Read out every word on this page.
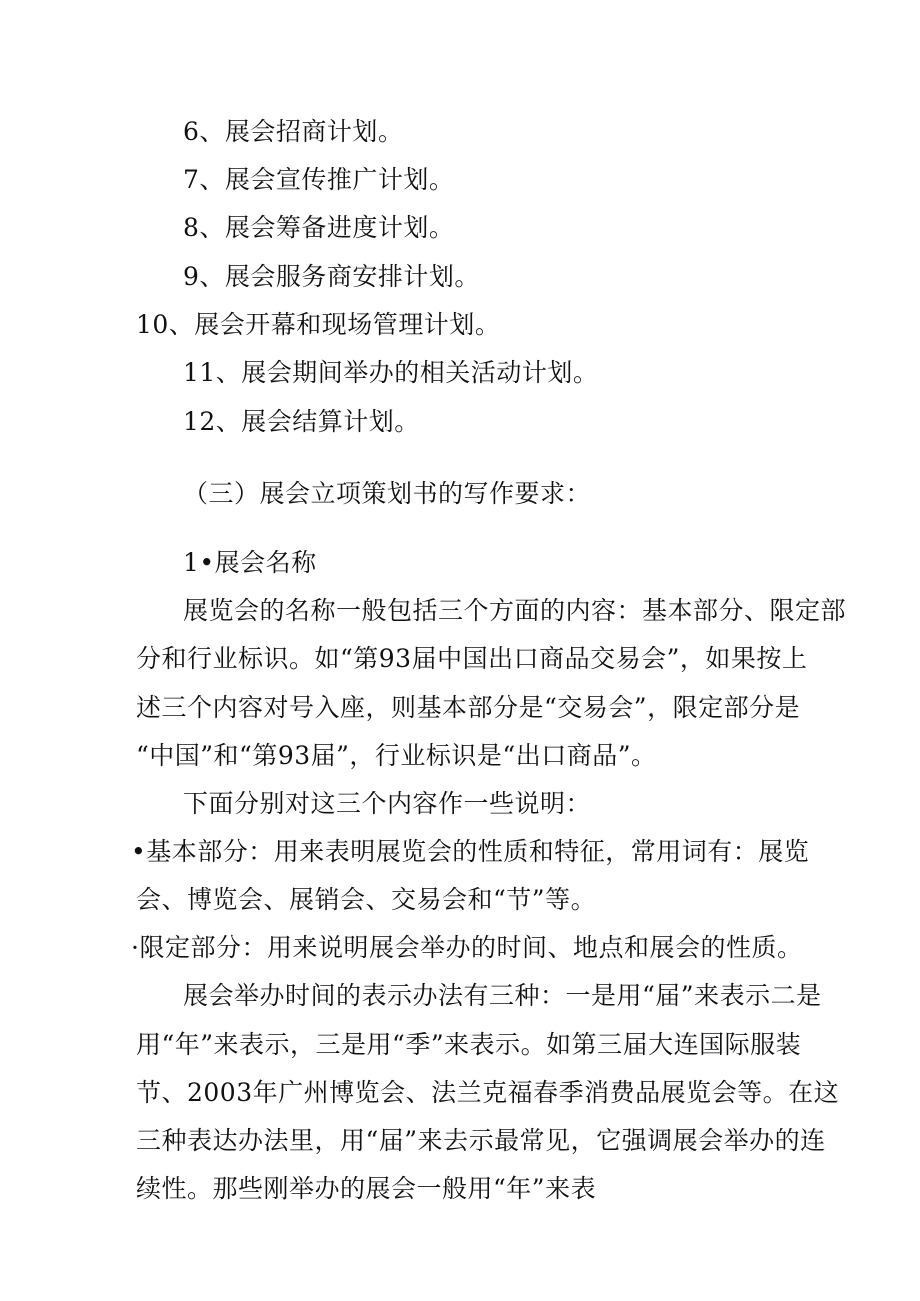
6、展会招商计划。
7、展会宣传推广计划。
8、展会筹备进度计划。
9、展会服务商安排计划。
10、展会开幕和现场管理计划。
11、展会期间举办的相关活动计划。
12、展会结算计划。
（三）展会立项策划书的写作要求：
1•展会名称
展览会的名称一般包括三个方面的内容：基本部分、限定部
分和行业标识。如“第93届中国出口商品交易会”，如果按上
述三个内容对号入座，则基本部分是“交易会”，限定部分是
“中国”和“第93届”，行业标识是“出口商品”。
下面分别对这三个内容作一些说明：
•基本部分：用来表明展览会的性质和特征，常用词有：展览
会、博览会、展销会、交易会和“节”等。
·限定部分：用来说明展会举办的时间、地点和展会的性质。
展会举办时间的表示办法有三种：一是用“届”来表示二是
用“年”来表示，三是用“季”来表示。如第三届大连国际服装
节、2003年广州博览会、法兰克福春季消费品展览会等。在这
三种表达办法里，用“届”来去示最常见，它强调展会举办的连
续性。那些刚举办的展会一般用“年”来表
